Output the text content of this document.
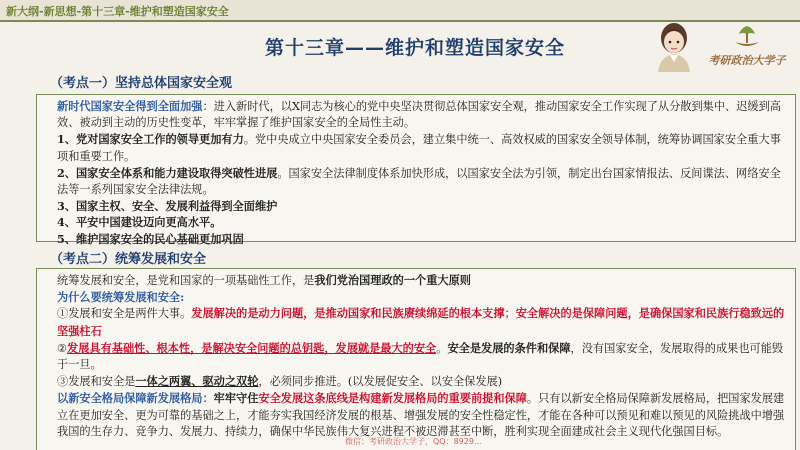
新大纲-新思想-第十三章-维护和塑造国家安全
第十三章——维护和塑造国家安全
考研政治大学子
（考点一）坚持总体国家安全观

新时代国家安全得到全面加强：进入新时代，以X同志为核心的党中央坚决贯彻总体国家安全观，推动国家安全工作实现了从分散到集中、迟缓到高效、被动到主动的历史性变革，牢牢掌握了维护国家安全的全局性主动。

1、党对国家安全工作的领导更加有力。党中央成立中央国家安全委员会，建立集中统一、高效权威的国家安全领导体制，统筹协调国家安全重大事项和重要工作。

2、国家安全体系和能力建设取得突破性进展。国家安全法律制度体系加快形成，以国家安全法为引领，制定出台国家情报法、反间谍法、网络安全法等一系列国家安全法律法规。

3、国家主权、安全、发展利益得到全面维护

4、平安中国建设迈向更高水平。

5、维护国家安全的民心基础更加巩固

（考点二）统筹发展和安全

统筹发展和安全，是党和国家的一项基础性工作，是我们党治国理政的一个重大原则

为什么要统筹发展和安全:

①发展和安全是两件大事。发展解决的是动力问题，是推动国家和民族赓续绵延的根本支撑；安全解决的是保障问题，是确保国家和民族行稳致远的坚强柱石

②发展具有基础性、根本性，是解决安全问题的总钥匙，发展就是最大的安全。安全是发展的条件和保障，没有国家安全，发展取得的成果也可能毁于一旦。

③发展和安全是一体之两翼、驱动之双轮，必须同步推进。(以发展促安全、以安全保发展)

以新安全格局保障新发展格局：牢牢守住安全发展这条底线是构建新发展格局的重要前提和保障。只有以新安全格局保障新发展格局，把国家发展建立在更加安全、更为可靠的基础之上，才能夯实我国经济发展的根基、增强发展的安全性稳定性，才能在各种可以预见和难以预见的风险挑战中增强我国的生存力、竞争力、发展力、持续力，确保中华民族伟大复兴进程不被迟滞甚至中断，胜利实现全面建成社会主义现代化强国目标。

微信：考研政治大学子，QQ：8929...
